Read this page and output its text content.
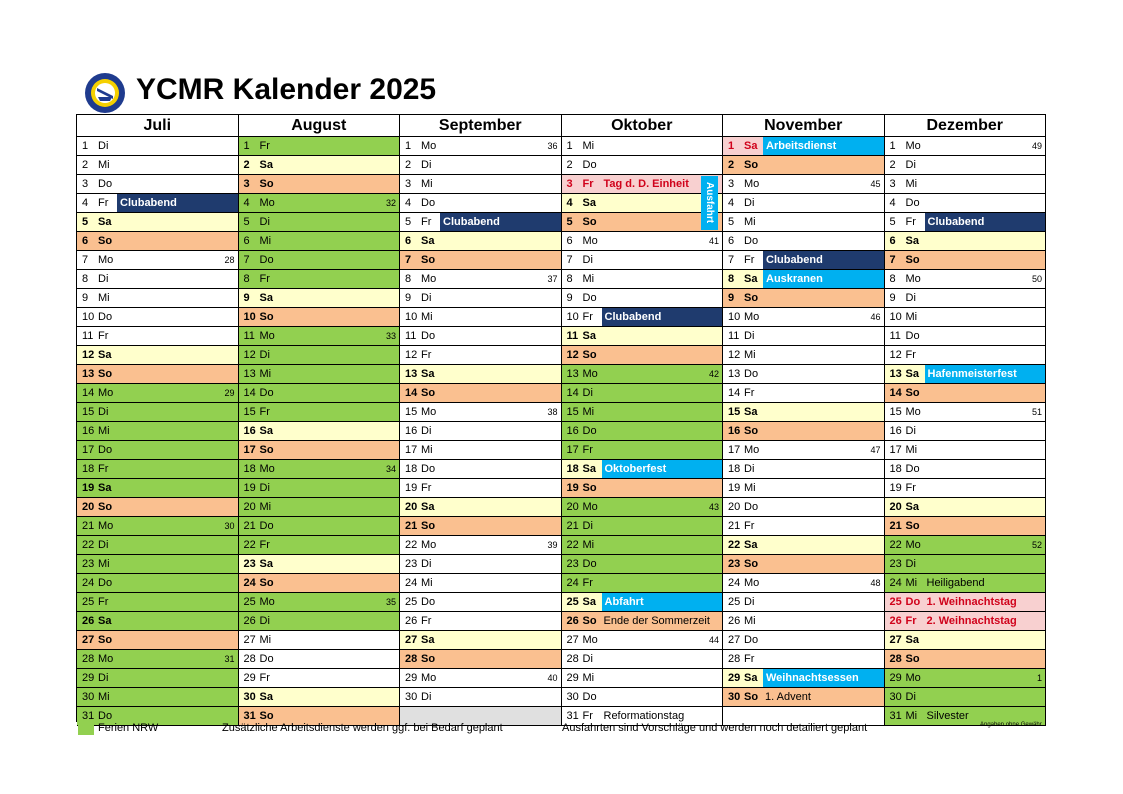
YCMR Kalender 2025
Juli
1 Di
2 Mi
3 Do
4 Fr Clubabend
5 Sa
6 So
7 Mo	28
8 Di
9 Mi
10 Do
11 Fr
12 Sa
13 So
14 Mo	29
15 Di
16 Mi
17 Do
18 Fr
19 Sa
20 So
21 Mo	30
22 Di
23 Mi
24 Do
25 Fr
26 Sa
27 So
28 Mo	31
29 Di
30 Mi
31 Do
August
1 Fr
2 Sa
3 So
4 Mo	32
5 Di
6 Mi
7 Do
8 Fr
9 Sa
10 So
11 Mo	33
12 Di
13 Mi
14 Do
15 Fr
16 Sa
17 So
18 Mo	34
19 Di
20 Mi
21 Do
22 Fr
23 Sa
24 So
25 Mo	35
26 Di
27 Mi
28 Do
29 Fr
30 Sa
31 So
September
1 Mo	36
2 Di
3 Mi
4 Do
5 Fr Clubabend
6 Sa
7 So
8 Mo	37
9 Di
10 Mi
11 Do
12 Fr
13 Sa
14 So
15 Mo	38
16 Di
17 Mi
18 Do
19 Fr
20 Sa
21 So
22 Mo	39
23 Di
24 Mi
25 Do
26 Fr
27 Sa
28 So
29 Mo	40
30 Di
Oktober
1 Mi
2 Do
3 Fr Tag d. D. Einheit
4 Sa
5 So
6 Mo	41
7 Di
8 Mi
9 Do
10 Fr Clubabend
11 Sa
12 So
13 Mo	42
14 Di
15 Mi
16 Do
17 Fr
18 Sa Oktoberfest
19 So
20 Mo	43
21 Di
22 Mi
23 Do
24 Fr
25 Sa Abfahrt
26 So Ende der Sommerzeit
27 Mo	44
28 Di
29 Mi
30 Do
31 Fr Reformationstag
November
1 Sa Arbeitsdienst
2 So
3 Mo	45
4 Di
5 Mi
6 Do
7 Fr Clubabend
8 Sa Auskranen
9 So
10 Mo	46
11 Di
12 Mi
13 Do
14 Fr
15 Sa
16 So
17 Mo	47
18 Di
19 Mi
20 Do
21 Fr
22 Sa
23 So
24 Mo	48
25 Di
26 Mi
27 Do
28 Fr
29 Sa Weihnachtsessen
30 So 1. Advent
Dezember
1 Mo	49
2 Di
3 Mi
4 Do
5 Fr Clubabend
6 Sa
7 So
8 Mo	50
9 Di
10 Mi
11 Do
12 Fr
13 Sa Hafenmeisterfest
14 So
15 Mo	51
16 Di
17 Mi
18 Do
19 Fr
20 Sa
21 So
22 Mo	52
23 Di
24 Mi Heiligabend
25 Do 1. Weihnachtstag
26 Fr 2. Weihnachtstag
27 Sa
28 So
29 Mo	1
30 Di
31 Mi Silvester
Ausfahrt
Ferien NRW	Zusätzliche Arbeitsdienste werden ggf. bei Bedarf geplant	Ausfahrten sind Vorschläge und werden noch detailiert geplant	Angaben ohne Gewähr
